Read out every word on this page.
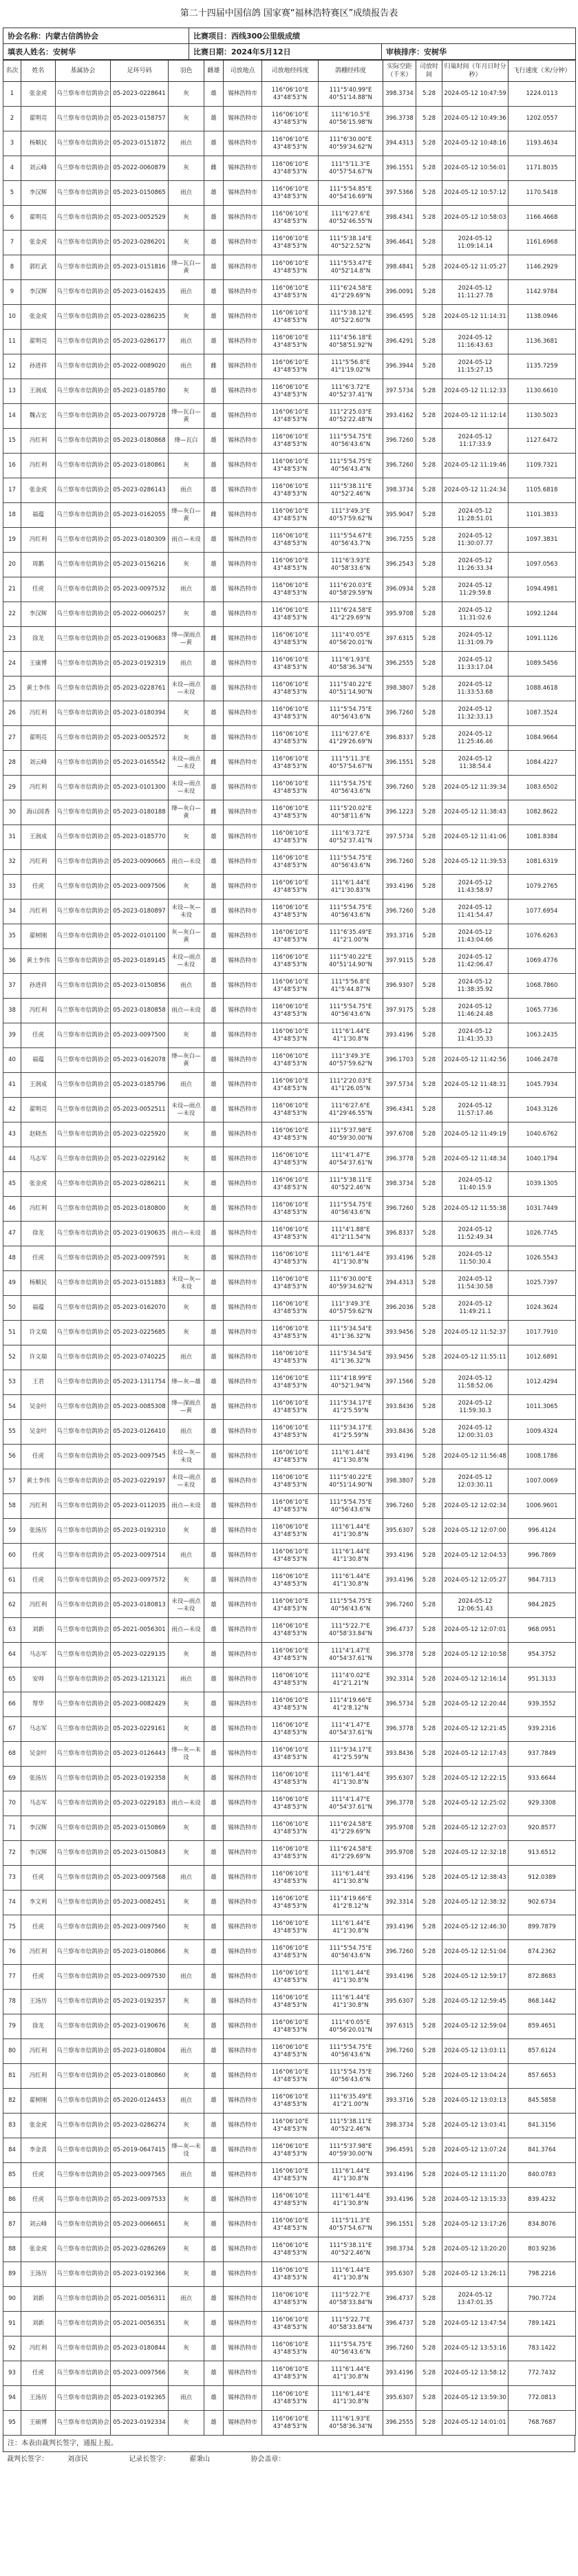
第二十四届中国信鸽 国家赛“福林浩特赛区”成绩报告表
协会名称：内蒙古信鸽协会	比赛项目：西线300公里级成绩	
填表人姓名：安树华	比赛日期：2024年5月12日	审核排序：安树华
名次	姓名	基属协会	足环号码	羽色	雌雄	司放地点	司放地经纬度	鸽棚经纬度	实际空距（千米）	司放时间	归巢时间（年月日时分秒）	飞行速度（米/分钟）
1	张金虎	乌兰察布市信鸽协会	05-2023-0228641	灰	雄	锡林浩特市	116°06'10"E 43°48'53"N	111°5'40.99"E 40°51'14.88"N	398.3734	5:28	2024-05-12 10:47:59	1224.0113
2	翟明亮	乌兰察布市信鸽协会	05-2023-0158757	灰	雄	锡林浩特市	116°06'10"E 43°48'53"N	111°6'10.5"E 40°56'15.98"N	396.3738	5:28	2024-05-12 10:49:36	1202.0557
3	杨顺民	乌兰察布市信鸽协会	05-2023-0151872	雨点	雄	锡林浩特市	116°06'10"E 43°48'53"N	111°6'30.00"E 40°59'34.62"N	394.4313	5:28	2024-05-12 10:48:16	1193.4634
4	刘云峰	乌兰察布市信鸽协会	05-2022-0060879	灰	雌	锡林浩特市	116°06'10"E 43°48'53"N	111°5'11.3"E 40°57'54.67"N	396.1551	5:28	2024-05-12 10:56:01	1171.8035
5	李汉辉	乌兰察布市信鸽协会	05-2023-0150865	雨点	雄	锡林浩特市	116°06'10"E 43°48'53"N	111°5'54.85"E 40°54'16.69"N	397.5366	5:28	2024-05-12 10:57:12	1170.5418
6	翟明亮	乌兰察布市信鸽协会	05-2023-0052529	灰	雄	锡林浩特市	116°06'10"E 43°48'53"N	111°6'27.6"E 40°52'46.55"N	398.4341	5:28	2024-05-12 10:58:03	1166.4668
7	张金虎	乌兰察布市信鸽协会	05-2023-0286201	灰	雄	锡林浩特市	116°06'10"E 43°48'53"N	111°5'38.14"E 40°52'2.52"N	396.4641	5:28	2024-05-12 11:09:14.14	1161.6968
8	郭红武	乌兰察布市信鸽协会	05-2023-0151816	绛—瓦白—黄	雄	锡林浩特市	116°06'10"E 43°48'53"N	111°5'53.47"E 40°52'14.8"N	398.4841	5:28	2024-05-12 11:05:27	1146.2929
9	李汉辉	乌兰察布市信鸽协会	05-2023-0162435	雨点	雄	锡林浩特市	116°06'10"E 43°48'53"N	111°6'24.58"E 41°2'29.69"N	396.0091	5:28	2024-05-12 11:11:27.78	1142.9784
10	张金虎	乌兰察布市信鸽协会	05-2023-0286235	灰	雄	锡林浩特市	116°06'10"E 43°48'53"N	111°5'38.12"E 40°52'2.60"N	396.4595	5:28	2024-05-12 11:14:31	1138.0946
11	翟明亮	乌兰察布市信鸽协会	05-2023-0286177	雨点	雄	锡林浩特市	116°06'10"E 43°48'53"N	111°4'56.18"E 40°58'51.92"N	396.4291	5:28	2024-05-12 11:16:43.63	1136.3681
12	孙进祥	乌兰察布市信鸽协会	05-2022-0089020	雨点	雌	锡林浩特市	116°06'10"E 43°48'53"N	111°5'56.8"E 41°1'19.02"N	396.3944	5:28	2024-05-12 11:15:27.15	1135.7259
13	王润成	乌兰察布市信鸽协会	05-2023-0185780	灰	雄	锡林浩特市	116°06'10"E 43°48'53"N	111°6'3.72"E 40°52'37.41"N	397.5734	5:28	2024-05-12 11:12:33	1130.6610
14	魏占宏	乌兰察布市信鸽协会	05-2023-0079728	绛—瓦白—黄	雄	锡林浩特市	116°06'10"E 43°48'53"N	111°2'25.03"E 40°52'22.48"N	393.4162	5:28	2024-05-12 11:12:14	1130.5023
15	冯红利	乌兰察布市信鸽协会	05-2023-0180868	绛—瓦白	雄	锡林浩特市	116°06'10"E 43°48'53"N	111°5'54.75"E 40°56'43.6"N	396.7260	5:28	2024-05-12 11:17:33.9	1127.6472
16	冯红利	乌兰察布市信鸽协会	05-2023-0180861	灰	雄	锡林浩特市	116°06'10"E 43°48'53"N	111°5'54.75"E 40°56'43.4"N	396.7260	5:28	2024-05-12 11:19:46	1109.7321
17	张金虎	乌兰察布市信鸽协会	05-2023-0286143	雨点	雄	锡林浩特市	116°06'10"E 43°48'53"N	111°5'38.11"E 40°52'2.46"N	398.3734	5:28	2024-05-12 11:24:34	1105.6818
18	福蕴	乌兰察布市信鸽协会	05-2023-0162055	绛—灰白—黄	雌	锡林浩特市	116°06'10"E 43°48'53"N	111°3'49.3"E 40°57'59.62"N	395.9047	5:28	2024-05-12 11:28:51.01	1101.3833
19	冯红利	乌兰察布市信鸽协会	05-2023-0180309	雨点—未设	雄	锡林浩特市	116°06'10"E 43°48'53"N	111°5'54.67"E 40°56'43.7"N	396.7255	5:28	2024-05-12 11:30:07.77	1097.3831
20	周鹅	乌兰察布市信鸽协会	05-2023-0156216	灰	雄	锡林浩特市	116°06'10"E 43°48'53"N	111°6'3.93"E 40°58'33.6"N	396.2543	5:28	2024-05-12 11:26:33.34	1097.0563
21	任虎	乌兰察布市信鸽协会	05-2023-0097532	雨点	雄	锡林浩特市	116°06'10"E 43°48'53"N	111°6'20.03"E 40°58'29.59"N	396.0934	5:28	2024-05-12 11:29:59.8	1094.4981
22	李汉辉	乌兰察布市信鸽协会	05-2022-0060257	灰	雄	锡林浩特市	116°06'10"E 43°48'53"N	111°6'24.58"E 41°2'29.69"N	395.9708	5:28	2024-05-12 11:31:02.6	1092.1244
23	徐龙	乌兰察布市信鸽协会	05-2023-0190683	绛—深雨点—黄	雌	锡林浩特市	116°06'10"E 43°48'53"N	111°4'0.05"E 40°56'20.01"N	397.6315	5:28	2024-05-12 11:31:09.79	1091.1126
24	王康博	乌兰察布市信鸽协会	05-2023-0192319	雨点	雄	锡林浩特市	116°06'10"E 43°48'53"N	111°6'1.93"E 40°58'36.34"N	396.2555	5:28	2024-05-12 11:33:17.04	1089.5456
25	黄土李伟	乌兰察布市信鸽协会	05-2023-0228761	未设—雨点—未设	雄	锡林浩特市	116°06'10"E 43°48'53"N	111°5'40.22"E 40°51'14.90"N	398.3807	5:28	2024-05-12 11:33:53.68	1088.4618
26	冯红利	乌兰察布市信鸽协会	05-2023-0180394	灰	雄	锡林浩特市	116°06'10"E 43°48'53"N	111°5'54.75"E 40°56'43.6"N	396.7260	5:28	2024-05-12 11:32:33.13	1087.3524
27	翟明亮	乌兰察布市信鸽协会	05-2023-0052572	灰	雄	锡林浩特市	116°06'10"E 43°48'53"N	111°6'27.6"E 41°29'26.69"N	396.8337	5:28	2024-05-12 11:25:46.46	1084.9664
28	刘云峰	乌兰察布市信鸽协会	05-2023-0165542	未设—雨点—未设	雌	锡林浩特市	116°06'10"E 43°48'53"N	111°5'11.3"E 40°57'54.67"N	396.1551	5:28	2024-05-12 11:38:54.4	1084.4227
29	冯红利	乌兰察布市信鸽协会	05-2023-0101300	未设—雨点—未设	雄	锡林浩特市	116°06'10"E 43°48'53"N	111°5'54.75"E 40°56'43.6"N	396.7260	5:28	2024-05-12 11:39:34	1083.6502
30	海山国香	乌兰察布市信鸽协会	05-2023-0180188	绛—灰白—黄	雌	锡林浩特市	116°06'10"E 43°48'53"N	111°5'20.02"E 40°58'11.6"N	396.1223	5:28	2024-05-12 11:38:43	1082.8622
31	王润成	乌兰察布市信鸽协会	05-2023-0185770	灰	雄	锡林浩特市	116°06'10"E 43°48'53"N	111°6'3.72"E 40°52'37.41"N	397.5734	5:28	2024-05-12 11:41:06	1081.8384
32	冯红利	乌兰察布市信鸽协会	05-2023-0090665	雨点—未设	雄	锡林浩特市	116°06'10"E 43°48'53"N	111°5'54.75"E 40°56'43.6"N	396.7260	5:28	2024-05-12 11:39:53	1081.6319
33	任虎	乌兰察布市信鸽协会	05-2023-0097506	灰	雄	锡林浩特市	116°06'10"E 43°48'53"N	111°6'1.44"E 41°1'30.83"N	393.4196	5:28	2024-05-12 11:43:58.97	1079.2765
34	冯红利	乌兰察布市信鸽协会	05-2023-0180897	未设—灰—未设	雄	锡林浩特市	116°06'10"E 43°48'53"N	111°5'54.75"E 40°56'43.6"N	396.7260	5:28	2024-05-12 11:41:54.47	1077.6954
35	翟树刚	乌兰察布市信鸽协会	05-2022-0101100	灰—灰白—黄	雄	锡林浩特市	116°06'10"E 43°48'53"N	111°6'35.49"E 41°2'1.00"N	393.3716	5:28	2024-05-12 11:43:04.66	1076.6263
36	黄土李伟	乌兰察布市信鸽协会	05-2023-0189145	未设—雨点—未设	雄	锡林浩特市	116°06'10"E 43°48'53"N	111°5'40.22"E 40°51'14.90"N	397.9115	5:28	2024-05-12 11:42:06.47	1069.4776
37	孙进祥	乌兰察布市信鸽协会	05-2023-0150856	雨点	雄	锡林浩特市	116°06'10"E 43°48'53"N	111°5'56.8"E 41°5'44.87"N	396.9307	5:28	2024-05-12 11:38:35.92	1068.7860
38	冯红利	乌兰察布市信鸽协会	05-2023-0180858	雨点—未设	雄	锡林浩特市	116°06'10"E 43°48'53"N	111°5'54.75"E 40°56'43.6"N	397.9175	5:28	2024-05-12 11:46:24.48	1065.7736
39	任虎	乌兰察布市信鸽协会	05-2023-0097500	灰	雄	锡林浩特市	116°06'10"E 43°48'53"N	111°6'1.44"E 41°1'30.8"N	393.4196	5:28	2024-05-12 11:41:35.33	1063.2435
40	福蕴	乌兰察布市信鸽协会	05-2023-0162078	绛—灰白—黄	雄	锡林浩特市	116°06'10"E 43°48'53"N	111°3'49.3"E 40°57'59.62"N	396.1703	5:28	2024-05-12 11:42:56	1046.2478
41	王润成	乌兰察布市信鸽协会	05-2023-0185796	雨点	雄	锡林浩特市	116°06'10"E 43°48'53"N	111°2'20.03"E 41°1'26.05"N	397.5734	5:28	2024-05-12 11:48:31	1045.7934
42	翟明亮	乌兰察布市信鸽协会	05-2023-0052511	未设—雨点—未设	雄	锡林浩特市	116°06'10"E 43°48'53"N	111°6'27.6"E 41°29'46.55"N	396.4341	5:28	2024-05-12 11:57:17.46	1043.3126
43	赵晓杰	乌兰察布市信鸽协会	05-2023-0225920	灰	雄	锡林浩特市	116°06'10"E 43°48'53"N	111°5'37.98"E 40°59'30.00"N	397.6708	5:28	2024-05-12 11:49:19	1040.6762
44	马志军	乌兰察布市信鸽协会	05-2023-0229162	灰	雄	锡林浩特市	116°06'10"E 43°48'53"N	111°4'1.47"E 40°54'37.61"N	396.3778	5:28	2024-05-12 11:48:34	1040.1794
45	张金虎	乌兰察布市信鸽协会	05-2023-0286211	灰	雄	锡林浩特市	116°06'10"E 43°48'53"N	111°5'38.11"E 40°52'2.46"N	398.3734	5:28	2024-05-12 11:40:15.9	1039.1305
46	冯红利	乌兰察布市信鸽协会	05-2023-0180800	灰	雄	锡林浩特市	116°06'10"E 43°48'53"N	111°5'54.75"E 40°56'43.6"N	396.7260	5:28	2024-05-12 11:55:38	1031.7449
47	徐龙	乌兰察布市信鸽协会	05-2023-0190635	雨点—未设	雄	锡林浩特市	116°06'10"E 43°48'53"N	111°4'1.88"E 41°2'11.54"N	396.8337	5:28	2024-05-12 11:52:49.34	1026.7745
48	任虎	乌兰察布市信鸽协会	05-2023-0097591	灰	雄	锡林浩特市	116°06'10"E 43°48'53"N	111°6'1.44"E 41°1'30.8"N	393.4196	5:28	2024-05-12 11:50:30.4	1026.5543
49	杨顺民	乌兰察布市信鸽协会	05-2023-0151883	未设—灰—未设	雄	锡林浩特市	116°06'10"E 43°48'53"N	111°6'30.00"E 40°59'34.62"N	394.4313	5:28	2024-05-12 11:54:30.58	1025.7397
50	福蕴	乌兰察布市信鸽协会	05-2023-0162070	灰	雄	锡林浩特市	116°06'10"E 43°48'53"N	111°3'49.3"E 40°57'59.62"N	396.2036	5:28	2024-05-12 11:49:21.1	1024.3624
51	许文瑞	乌兰察布市信鸽协会	05-2023-0225685	灰	雄	锡林浩特市	116°06'10"E 43°48'53"N	111°5'34.54"E 41°1'36.32"N	393.9456	5:28	2024-05-12 11:52:37	1017.7910
52	许文瑞	乌兰察布市信鸽协会	05-2023-0740225	雨点	雄	锡林浩特市	116°06'10"E 43°48'53"N	111°5'34.54"E 41°1'36.32"N	393.9456	5:28	2024-05-12 11:55:11	1012.6891
53	王君	乌兰察布市信鸽协会	05-2023-1311754	绛—灰—雄	雄	锡林浩特市	116°06'10"E 43°48'53"N	111°4'18.99"E 40°52'1.94"N	397.1566	5:28	2024-05-12 11:58:52.06	1012.4294
54	吴金叶	乌兰察布市信鸽协会	05-2023-0085308	绛—深雨点—黄	雄	锡林浩特市	116°06'10"E 43°48'53"N	111°5'34.17"E 41°2'5.59"N	393.8436	5:28	2024-05-12 11:59:30.3	1011.3065
55	吴金叶	乌兰察布市信鸽协会	05-2023-0126410	雨点	雄	锡林浩特市	116°06'10"E 43°48'53"N	111°5'34.17"E 41°2'5.59"N	393.8436	5:28	2024-05-12 12:00:31.03	1009.4324
56	任虎	乌兰察布市信鸽协会	05-2023-0097545	未设—灰—未设	雄	锡林浩特市	116°06'10"E 43°48'53"N	111°6'1.44"E 41°1'30.8"N	393.4196	5:28	2024-05-12 11:56:48	1008.1786
57	黄土李伟	乌兰察布市信鸽协会	05-2023-0229197	未设—雨点—未设	雄	锡林浩特市	116°06'10"E 43°48'53"N	111°5'40.22"E 40°51'14.90"N	398.3807	5:28	2024-05-12 12:03:30.11	1007.0069
58	冯红利	乌兰察布市信鸽协会	05-2023-0112035	雨点—未设	雄	锡林浩特市	116°06'10"E 43°48'53"N	111°5'54.75"E 40°56'43.6"N	396.7260	5:28	2024-05-12 12:02:34	1006.9601
59	张汤历	乌兰察布市信鸽协会	05-2023-0192310	灰	雄	锡林浩特市	116°06'10"E 43°48'53"N	111°6'1.44"E 41°1'30.8"N	395.6307	5:28	2024-05-12 12:07:00	996.4124
60	任虎	乌兰察布市信鸽协会	05-2023-0097514	雨点	雄	锡林浩特市	116°06'10"E 43°48'53"N	111°6'1.44"E 41°1'30.8"N	393.4196	5:28	2024-05-12 12:04:53	996.7869
61	任虎	乌兰察布市信鸽协会	05-2023-0097572	灰	雄	锡林浩特市	116°06'10"E 43°48'53"N	111°6'1.44"E 41°1'30.8"N	393.4196	5:28	2024-05-12 12:05:27	984.7313
62	冯红利	乌兰察布市信鸽协会	05-2023-0180813	未设—雨点—未设	雄	锡林浩特市	116°06'10"E 43°48'53"N	111°5'54.75"E 40°56'43.6"N	396.7260	5:28	2024-05-12 12:06:51.43	984.2825
63	刘新	乌兰察布市信鸽协会	05-2021-0056301	雨点—未设	雄	锡林浩特市	116°06'10"E 43°48'53"N	111°5'22.7"E 40°58'33.84"N	396.4737	5:28	2024-05-12 12:07:01	968.0951
64	马志军	乌兰察布市信鸽协会	05-2023-0229135	灰	雄	锡林浩特市	116°06'10"E 43°48'53"N	111°4'1.47"E 40°54'37.61"N	396.3778	5:28	2024-05-12 12:10:58	954.3752
65	安帅	乌兰察布市信鸽协会	05-2023-1213121	雨点	雄	锡林浩特市	116°06'10"E 43°48'53"N	111°4'0.02"E 41°2'1.21"N	392.3314	5:28	2024-05-12 12:16:14	951.3133
66	帮华	乌兰察布市信鸽协会	05-2023-0082429	灰	雄	锡林浩特市	116°06'10"E 43°48'53"N	111°4'19.66"E 41°2'8.12"N	396.5734	5:28	2024-05-12 12:20:44	939.3552
67	马志军	乌兰察布市信鸽协会	05-2023-0229161	灰	雄	锡林浩特市	116°06'10"E 43°48'53"N	111°4'1.47"E 40°54'37.61"N	396.3778	5:28	2024-05-12 12:21:45	939.2316
68	吴金叶	乌兰察布市信鸽协会	05-2023-0126443	绛—灰—未设	雄	锡林浩特市	116°06'10"E 43°48'53"N	111°5'34.17"E 41°2'5.59"N	393.8436	5:28	2024-05-12 12:17:43	937.7849
69	张汤历	乌兰察布市信鸽协会	05-2023-0192358	灰	雄	锡林浩特市	116°06'10"E 43°48'53"N	111°6'1.44"E 41°1'30.8"N	395.6307	5:28	2024-05-12 12:22:15	933.6644
70	马志军	乌兰察布市信鸽协会	05-2023-0229183	雨点—未设	雄	锡林浩特市	116°06'10"E 43°48'53"N	111°4'1.47"E 40°54'37.61"N	396.3778	5:28	2024-05-12 12:25:02	929.3308
71	李汉辉	乌兰察布市信鸽协会	05-2023-0150869	灰	雄	锡林浩特市	116°06'10"E 43°48'53"N	111°6'24.58"E 41°2'29.69"N	395.9708	5:28	2024-05-12 12:27:03	920.8577
72	李汉辉	乌兰察布市信鸽协会	05-2023-0150843	灰	雄	锡林浩特市	116°06'10"E 43°48'53"N	111°6'24.58"E 41°2'29.69"N	395.9708	5:28	2024-05-12 12:32:18	913.6512
73	任虎	乌兰察布市信鸽协会	05-2023-0097568	雨点	雄	锡林浩特市	116°06'10"E 43°48'53"N	111°6'1.44"E 41°1'30.8"N	393.4196	5:28	2024-05-12 12:38:43	912.0389
74	李文利	乌兰察布市信鸽协会	05-2023-0082451	灰	雄	锡林浩特市	116°06'10"E 43°48'53"N	111°4'19.66"E 41°2'8.12"N	392.3314	5:28	2024-05-12 12:38:32	902.6734
75	任虎	乌兰察布市信鸽协会	05-2023-0097560	灰	雄	锡林浩特市	116°06'10"E 43°48'53"N	111°6'1.44"E 41°1'30.8"N	393.4196	5:28	2024-05-12 12:46:30	899.7879
76	冯红利	乌兰察布市信鸽协会	05-2023-0180866	灰	雄	锡林浩特市	116°06'10"E 43°48'53"N	111°5'54.75"E 40°56'43.6"N	396.7260	5:28	2024-05-12 12:51:04	874.2362
77	任虎	乌兰察布市信鸽协会	05-2023-0097530	雨点	雄	锡林浩特市	116°06'10"E 43°48'53"N	111°6'1.44"E 41°1'30.8"N	393.4196	5:28	2024-05-12 12:59:17	872.8683
78	王汤历	乌兰察布市信鸽协会	05-2023-0192357	灰	雄	锡林浩特市	116°06'10"E 43°48'53"N	111°6'1.44"E 41°1'30.8"N	395.6307	5:28	2024-05-12 12:59:45	868.1442
79	徐龙	乌兰察布市信鸽协会	05-2023-0190676	灰	雄	锡林浩特市	116°06'10"E 43°48'53"N	111°4'0.05"E 40°56'20.01"N	397.6315	5:28	2024-05-12 12:59:04	859.4651
80	冯红利	乌兰察布市信鸽协会	05-2023-0180804	雨点	雄	锡林浩特市	116°06'10"E 43°48'53"N	111°5'54.75"E 40°56'43.6"N	396.7260	5:28	2024-05-12 13:03:11	857.6124
81	冯红利	乌兰察布市信鸽协会	05-2023-0180860	灰	雄	锡林浩特市	116°06'10"E 43°48'53"N	111°5'54.75"E 40°56'43.6"N	396.7260	5:28	2024-05-12 13:04:24	857.6653
82	翟树刚	乌兰察布市信鸽协会	05-2020-0124453	雨点	雄	锡林浩特市	116°06'10"E 43°48'53"N	111°6'35.49"E 41°2'1.00"N	393.3716	5:28	2024-05-12 13:03:13	845.5858
83	张金虎	乌兰察布市信鸽协会	05-2023-0286274	灰	雄	锡林浩特市	116°06'10"E 43°48'53"N	111°5'38.11"E 40°52'2.46"N	398.3734	5:28	2024-05-12 13:03:41	841.3156
84	李金喜	乌兰察布市信鸽协会	05-2019-0647415	绛—灰—未设	雄	锡林浩特市	116°06'10"E 43°48'53"N	111°5'37.98"E 40°59'30.00"N	396.4591	5:28	2024-05-12 13:07:24	841.3764
85	任虎	乌兰察布市信鸽协会	05-2023-0097565	雨点	雄	锡林浩特市	116°06'10"E 43°48'53"N	111°6'1.44"E 41°1'30.8"N	393.4196	5:28	2024-05-12 13:11:20	840.0783
86	任虎	乌兰察布市信鸽协会	05-2023-0097533	灰	雄	锡林浩特市	116°06'10"E 43°48'53"N	111°6'1.44"E 41°1'30.8"N	393.4196	5:28	2024-05-12 13:15:33	839.4232
87	刘云峰	乌兰察布市信鸽协会	05-2023-0066651	灰	雄	锡林浩特市	116°06'10"E 43°48'53"N	111°5'11.3"E 40°57'54.67"N	396.1551	5:28	2024-05-12 13:17:26	834.8076
88	张金虎	乌兰察布市信鸽协会	05-2023-0286269	灰	雄	锡林浩特市	116°06'10"E 43°48'53"N	111°5'38.11"E 40°52'2.46"N	398.3734	5:28	2024-05-12 13:20:20	803.9236
89	王汤历	乌兰察布市信鸽协会	05-2023-0192366	灰	雄	锡林浩特市	116°06'10"E 43°48'53"N	111°6'1.44"E 41°1'30.8"N	395.6307	5:28	2024-05-12 13:26:11	798.2216
90	刘新	乌兰察布市信鸽协会	05-2021-0056311	雨点	雄	锡林浩特市	116°06'10"E 43°48'53"N	111°5'22.7"E 40°58'33.84"N	396.4737	5:28	2024-05-12 13:47:01.35	790.7724
91	刘新	乌兰察布市信鸽协会	05-2021-0056351	灰	雄	锡林浩特市	116°06'10"E 43°48'53"N	111°5'22.7"E 40°58'33.84"N	396.4737	5:28	2024-05-12 13:47:54	789.1421
92	冯红利	乌兰察布市信鸽协会	05-2023-0180844	灰	雄	锡林浩特市	116°06'10"E 43°48'53"N	111°5'54.75"E 40°56'43.6"N	396.7260	5:28	2024-05-12 13:53:16	783.1422
93	任虎	乌兰察布市信鸽协会	05-2023-0097566	灰	雄	锡林浩特市	116°06'10"E 43°48'53"N	111°6'1.44"E 41°1'30.8"N	393.4196	5:28	2024-05-12 13:58:12	772.7432
94	王汤历	乌兰察布市信鸽协会	05-2023-0192365	雨点	雄	锡林浩特市	116°06'10"E 43°48'53"N	111°6'1.44"E 41°1'30.8"N	395.6307	5:28	2024-05-12 13:59:30	772.0813
95	王硕博	乌兰察布市信鸽协会	05-2023-0192334	灰	雄	锡林浩特市	116°06'10"E 43°48'53"N	111°6'1.93"E 40°58'36.34"N	396.2555	5:28	2024-05-12 14:01:01	768.7687
注：本表由裁判长签字，通报上报。
裁判长签字：	刘彦民	记录长签字：	翟秉山	协会盖章：
